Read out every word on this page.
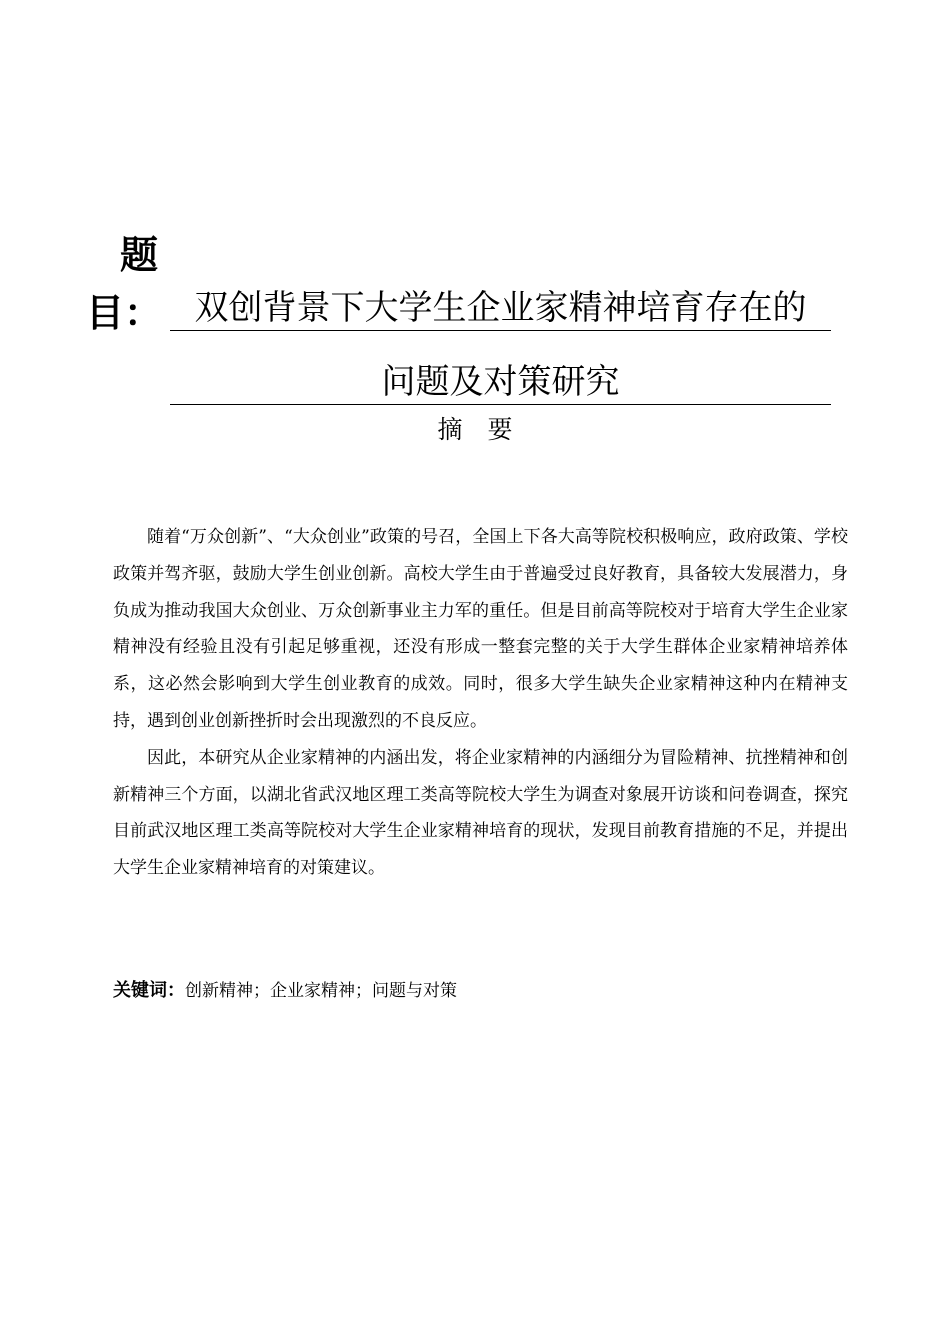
题
目： 双创背景下大学生企业家精神培育存在的
问题及对策研究
摘　要

随着“万众创新”、“大众创业”政策的号召，全国上下各大高等院校积极响应，政府政策、学校政策并驾齐驱，鼓励大学生创业创新。高校大学生由于普遍受过良好教育，具备较大发展潜力，身负成为推动我国大众创业、万众创新事业主力军的重任。但是目前高等院校对于培育大学生企业家精神没有经验且没有引起足够重视，还没有形成一整套完整的关于大学生群体企业家精神培养体系，这必然会影响到大学生创业教育的成效。同时，很多大学生缺失企业家精神这种内在精神支持，遇到创业创新挫折时会出现激烈的不良反应。

因此，本研究从企业家精神的内涵出发，将企业家精神的内涵细分为冒险精神、抗挫精神和创新精神三个方面，以湖北省武汉地区理工类高等院校大学生为调查对象展开访谈和问卷调查，探究目前武汉地区理工类高等院校对大学生企业家精神培育的现状，发现目前教育措施的不足，并提出大学生企业家精神培育的对策建议。

关键词：创新精神；企业家精神；问题与对策
